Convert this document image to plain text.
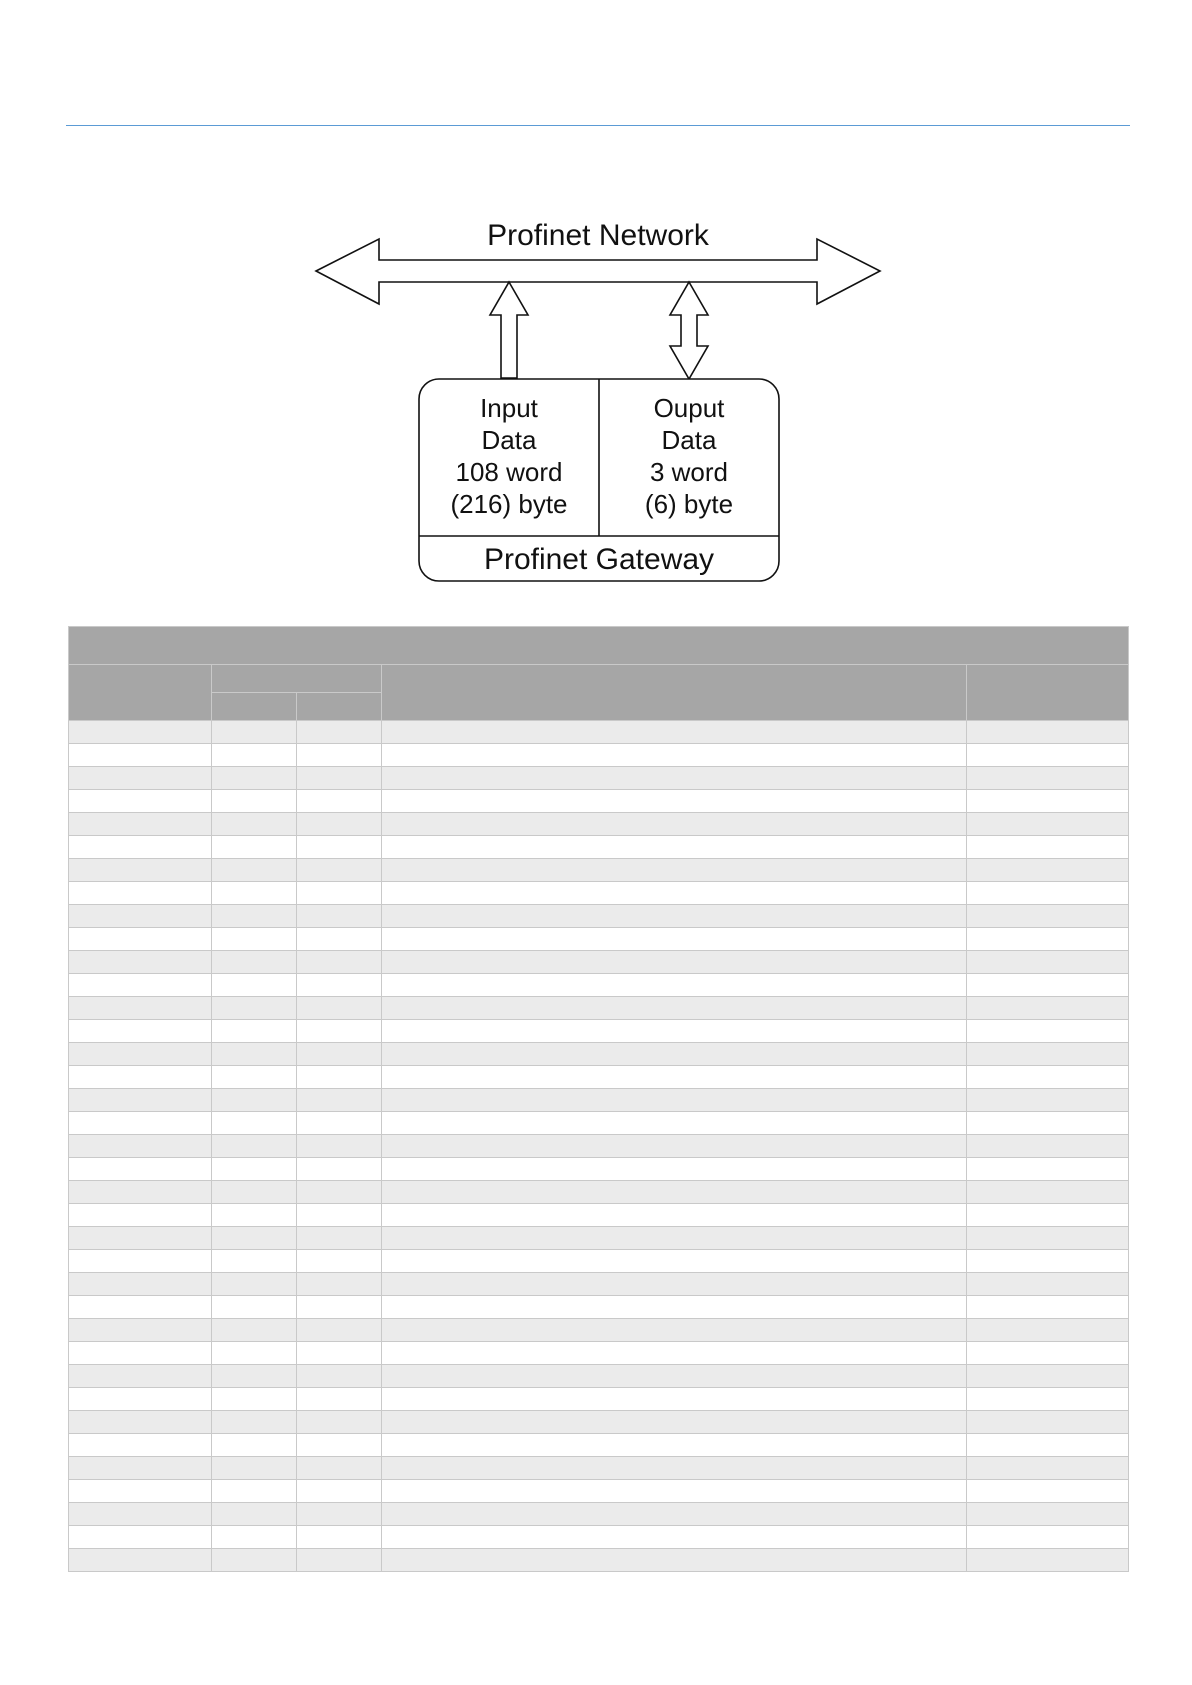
Profinet Network
Input
Data
108 word
(216) byte
Ouput
Data
3 word
(6) byte
Profinet Gateway
